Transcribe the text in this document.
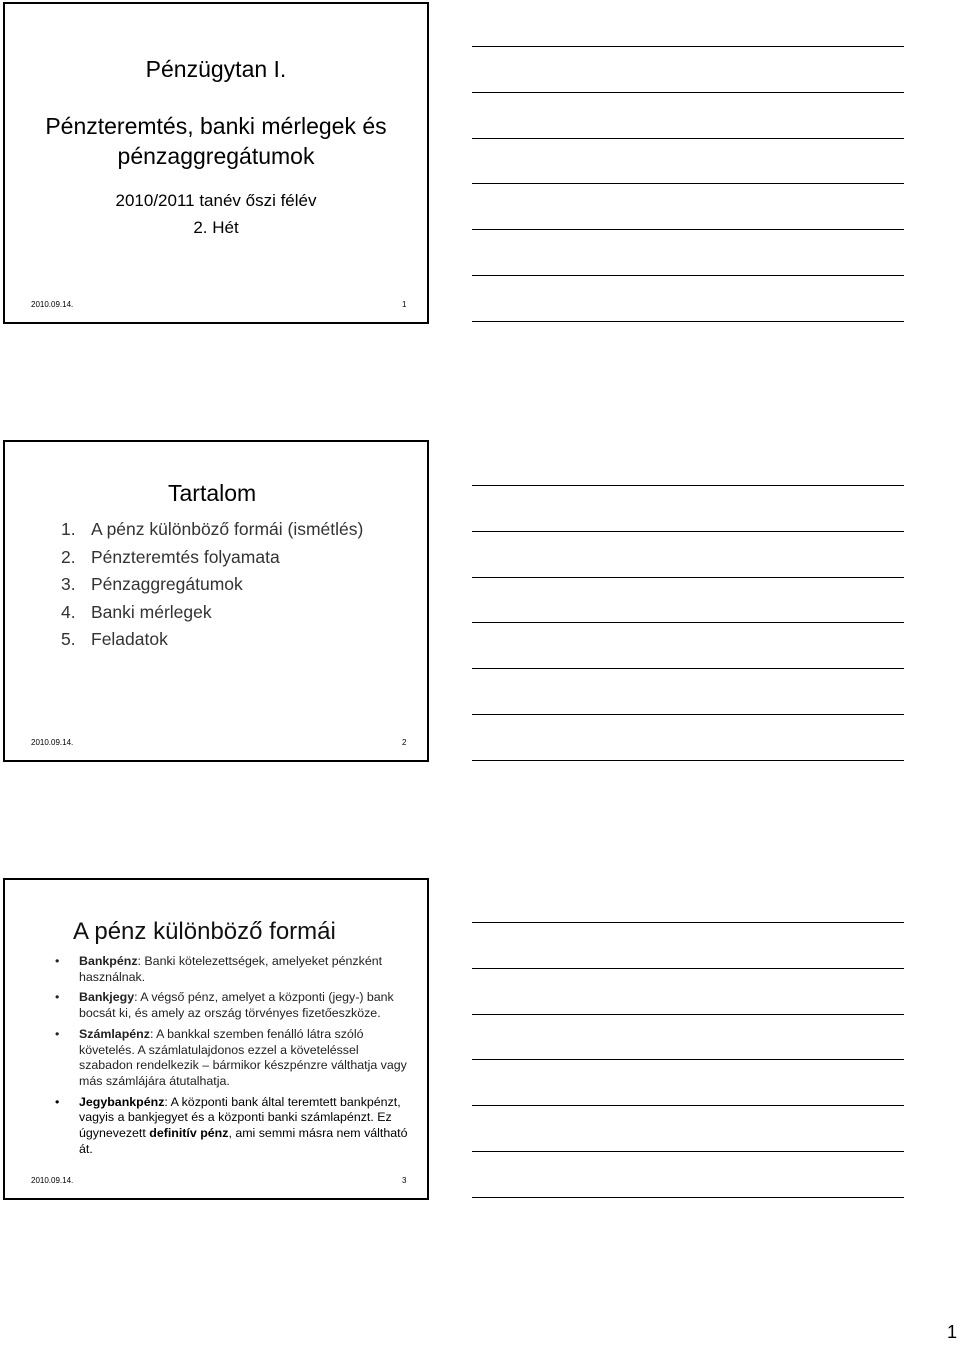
Pénzügytan I.
Pénzteremtés, banki mérlegek és
pénzaggregátumok
2010/2011 tanév őszi félév
2. Hét
2010.09.14.	1
Tartalom
1. A pénz különböző formái (ismétlés)
2. Pénzteremtés folyamata
3. Pénzaggregátumok
4. Banki mérlegek
5. Feladatok
2010.09.14.	2
A pénz különböző formái
• Bankpénz: Banki kötelezettségek, amelyeket pénzként használnak.
• Bankjegy: A végső pénz, amelyet a központi (jegy-) bank bocsát ki, és amely az ország törvényes fizetőeszköze.
• Számlapénz: A bankkal szemben fenálló látra szóló követelés. A számlatulajdonos ezzel a követeléssel szabadon rendelkezik – bármikor készpénzre válthatja vagy más számlájára átutalhatja.
• Jegybankpénz: A központi bank által teremtett bankpénzt, vagyis a bankjegyet és a központi banki számlapénzt. Ez úgynevezett definitív pénz, ami semmi másra nem váltható át.
2010.09.14.	3
1
